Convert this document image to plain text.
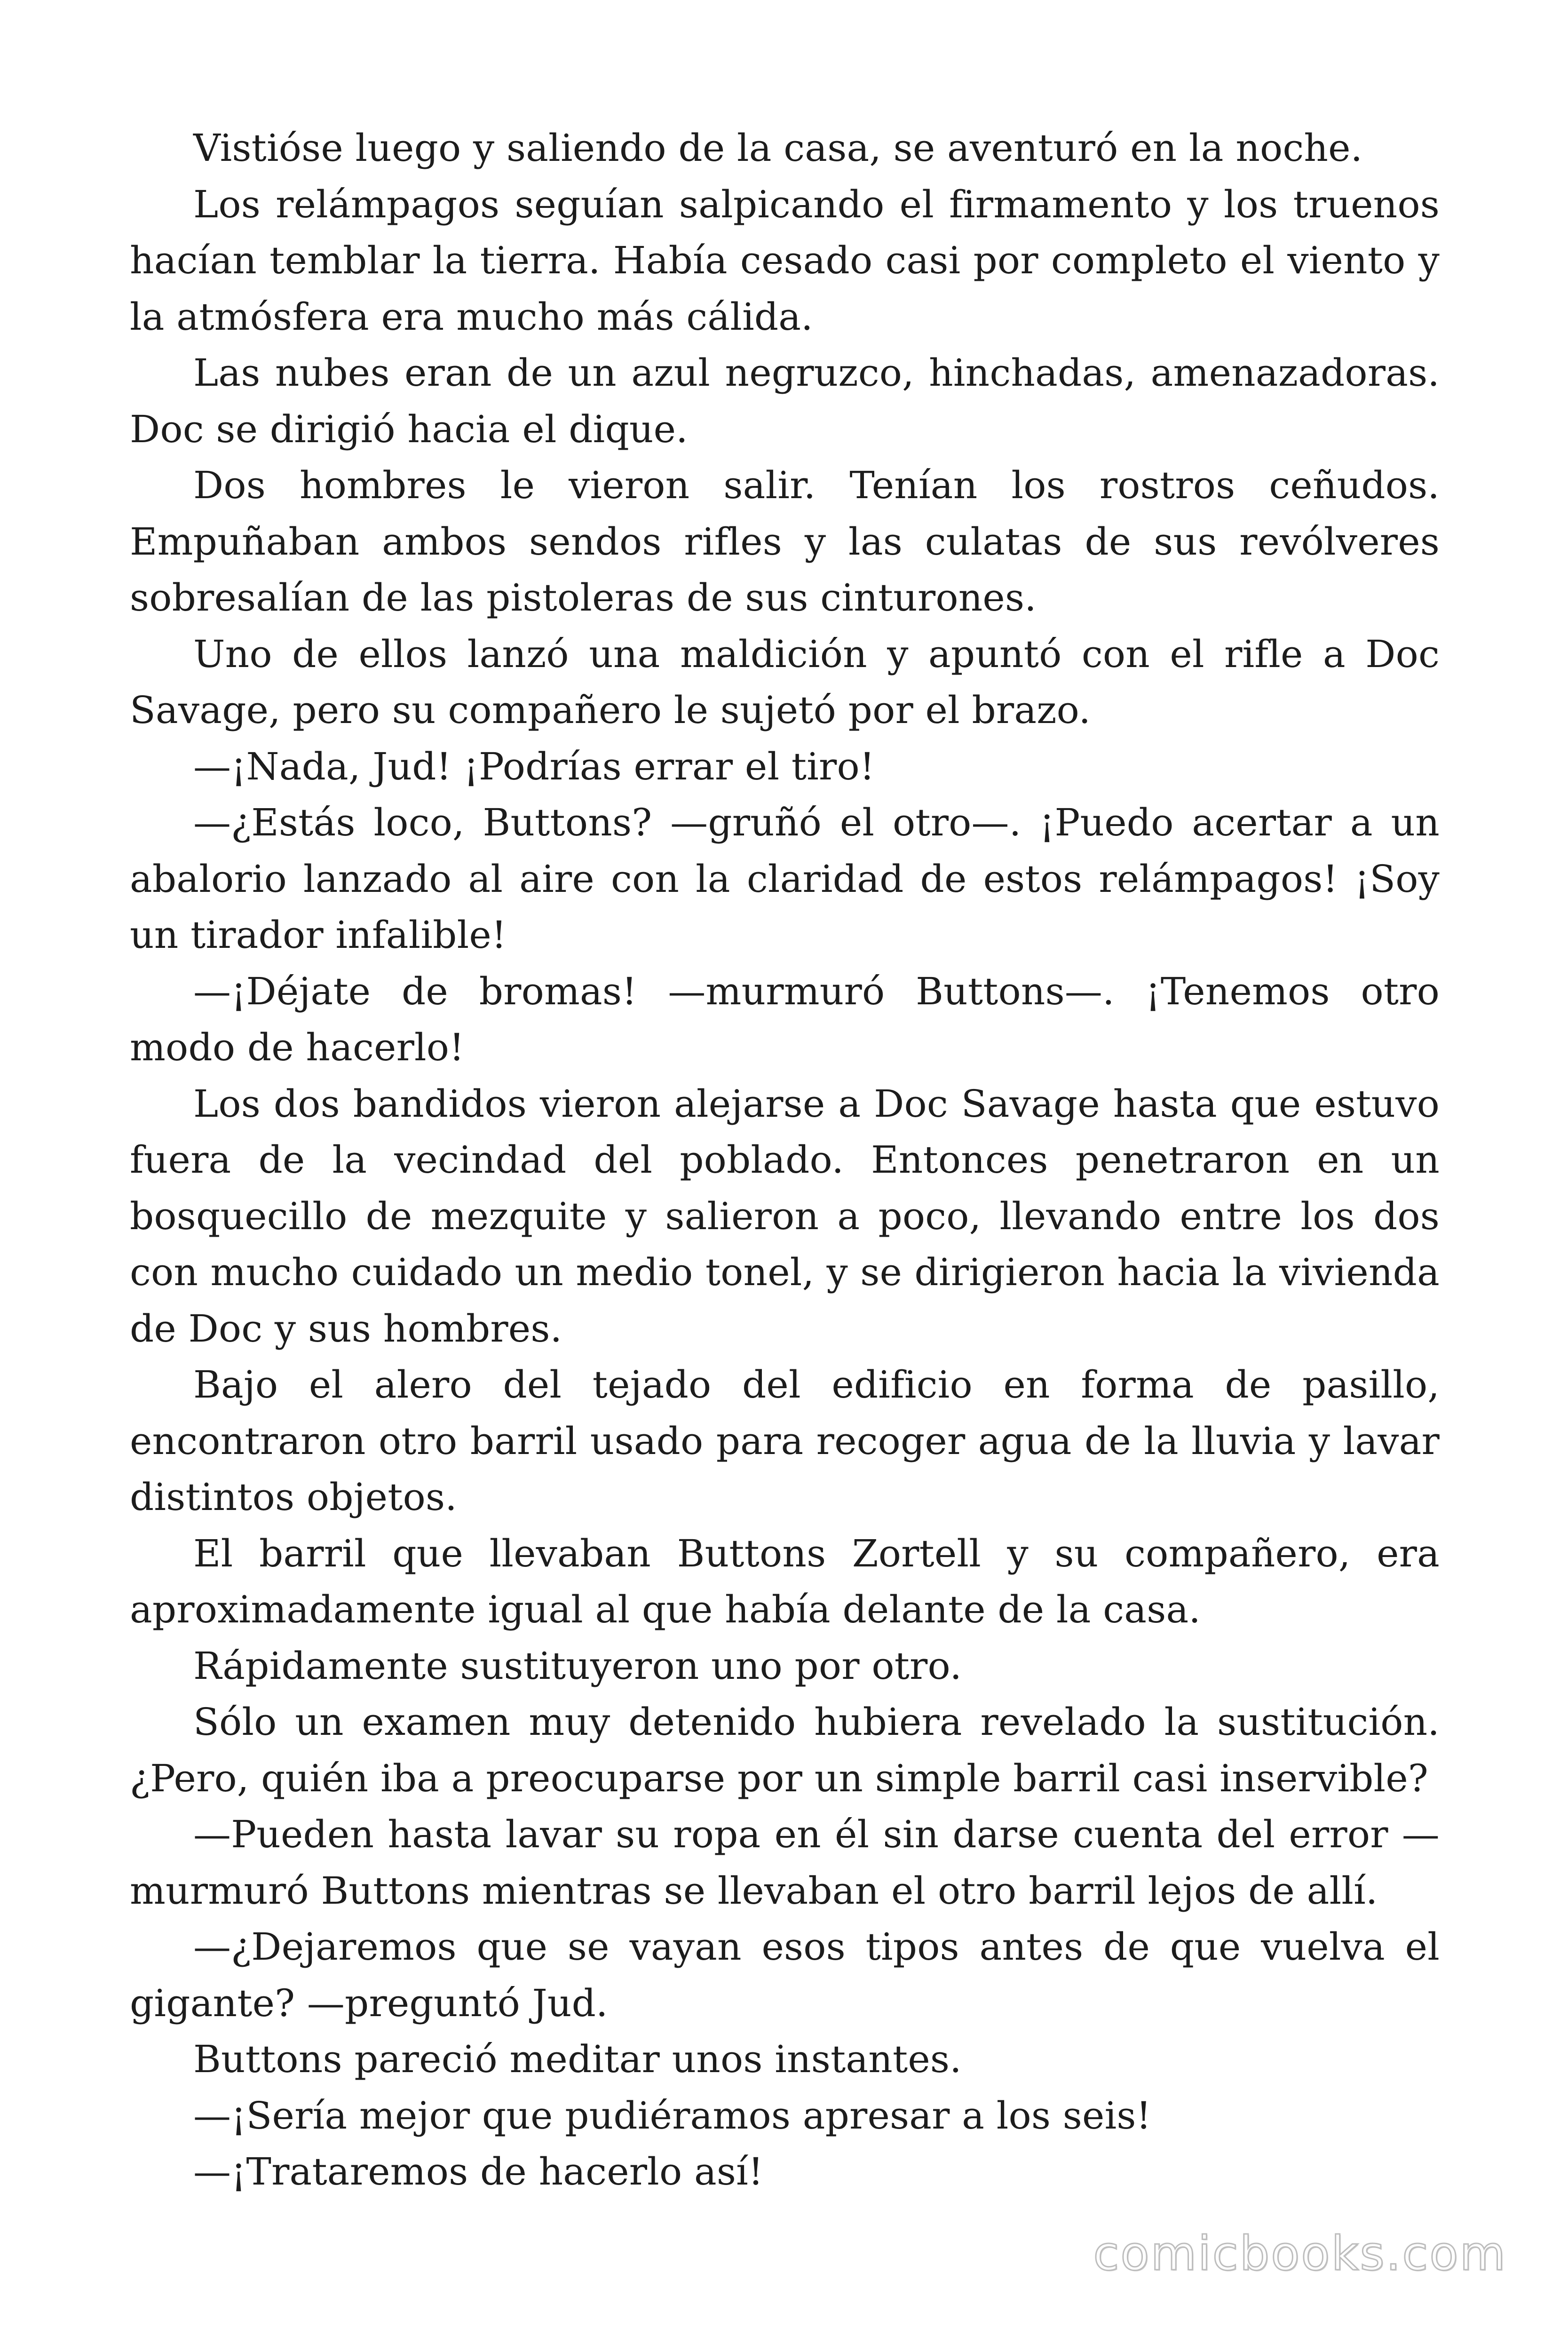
Vistióse luego y saliendo de la casa, se aventuró en la noche.

Los relámpagos seguían salpicando el firmamento y los truenos hacían temblar la tierra. Había cesado casi por completo el viento y la atmósfera era mucho más cálida.

Las nubes eran de un azul negruzco, hinchadas, amenazadoras. Doc se dirigió hacia el dique.

Dos hombres le vieron salir. Tenían los rostros ceñudos. Empuñaban ambos sendos rifles y las culatas de sus revólveres sobresalían de las pistoleras de sus cinturones.

Uno de ellos lanzó una maldición y apuntó con el rifle a Doc Savage, pero su compañero le sujetó por el brazo.

—¡Nada, Jud! ¡Podrías errar el tiro!

—¿Estás loco, Buttons? —gruñó el otro—. ¡Puedo acertar a un abalorio lanzado al aire con la claridad de estos relámpagos! ¡Soy un tirador infalible!

—¡Déjate de bromas! —murmuró Buttons—. ¡Tenemos otro modo de hacerlo!

Los dos bandidos vieron alejarse a Doc Savage hasta que estuvo fuera de la vecindad del poblado. Entonces penetraron en un bosquecillo de mezquite y salieron a poco, llevando entre los dos con mucho cuidado un medio tonel, y se dirigieron hacia la vivienda de Doc y sus hombres.

Bajo el alero del tejado del edificio en forma de pasillo, encontraron otro barril usado para recoger agua de la lluvia y lavar distintos objetos.

El barril que llevaban Buttons Zortell y su compañero, era aproximadamente igual al que había delante de la casa.

Rápidamente sustituyeron uno por otro.

Sólo un examen muy detenido hubiera revelado la sustitución. ¿Pero, quién iba a preocuparse por un simple barril casi inservible?

—Pueden hasta lavar su ropa en él sin darse cuenta del error — murmuró Buttons mientras se llevaban el otro barril lejos de allí.

—¿Dejaremos que se vayan esos tipos antes de que vuelva el gigante? —preguntó Jud.

Buttons pareció meditar unos instantes.

—¡Sería mejor que pudiéramos apresar a los seis!

—¡Trataremos de hacerlo así!

comicbooks.com
